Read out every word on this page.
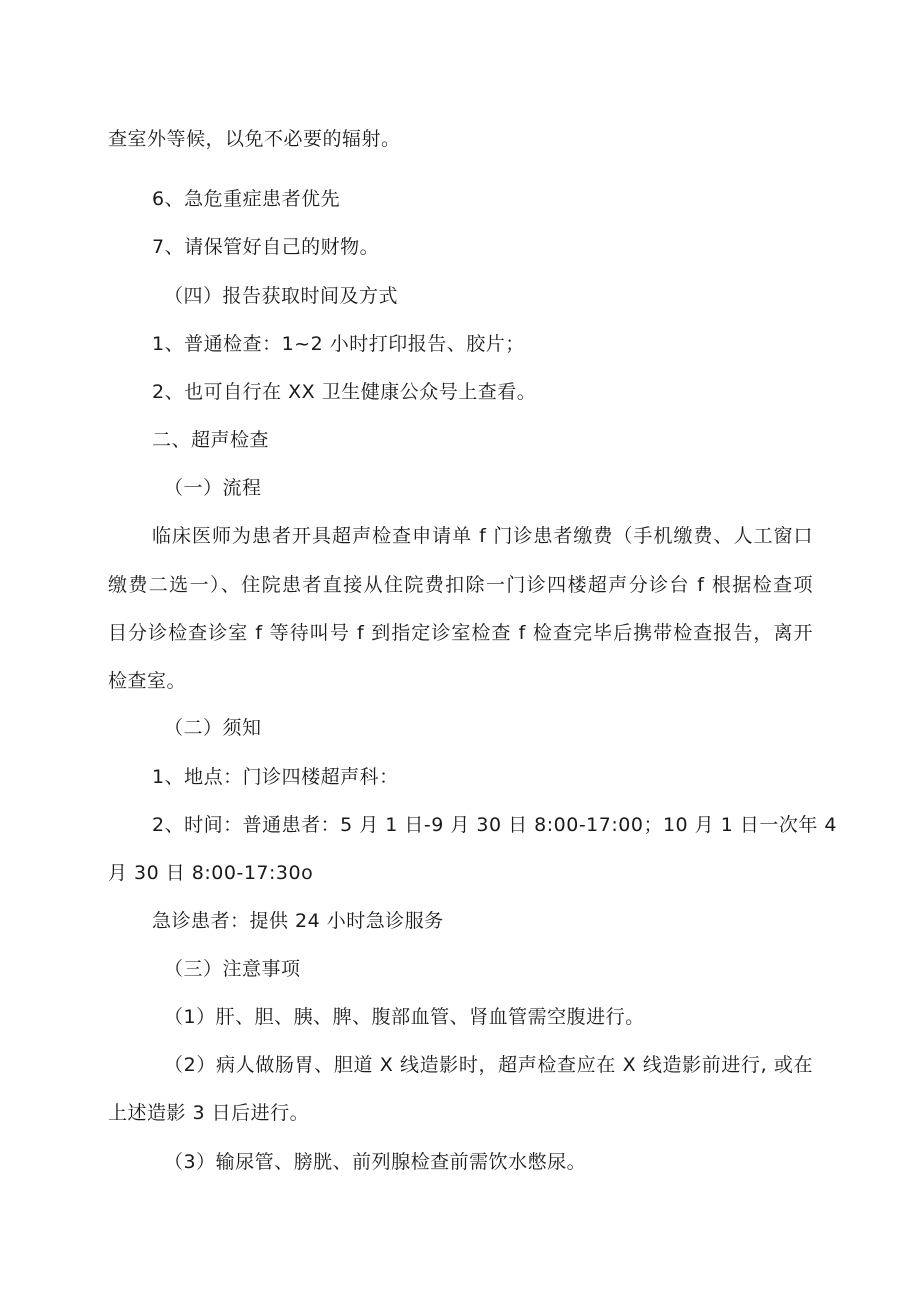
查室外等候，以免不必要的辐射。
6、急危重症患者优先
7、请保管好自己的财物。
（四）报告获取时间及方式
1、普通检查：1~2 小时打印报告、胶片；
2、也可自行在 XX 卫生健康公众号上查看。
二、超声检查
（一）流程
临床医师为患者开具超声检查申请单 f 门诊患者缴费（手机缴费、人工窗口
缴费二选一）、住院患者直接从住院费扣除一门诊四楼超声分诊台 f 根据检查项
目分诊检查诊室 f 等待叫号 f 到指定诊室检查 f 检查完毕后携带检查报告，离开
检查室。
（二）须知
1、地点：门诊四楼超声科：
2、时间：普通患者：5 月 1 日-9 月 30 日 8:00-17:00；10 月 1 日一次年 4
月 30 日 8:00-17:30o
急诊患者：提供 24 小时急诊服务
（三）注意事项
（1）肝、胆、胰、脾、腹部血管、肾血管需空腹进行。
（2）病人做肠胃、胆道 X 线造影时，超声检查应在 X 线造影前进行, 或在
上述造影 3 日后进行。
（3）输尿管、膀胱、前列腺检查前需饮水憋尿。
